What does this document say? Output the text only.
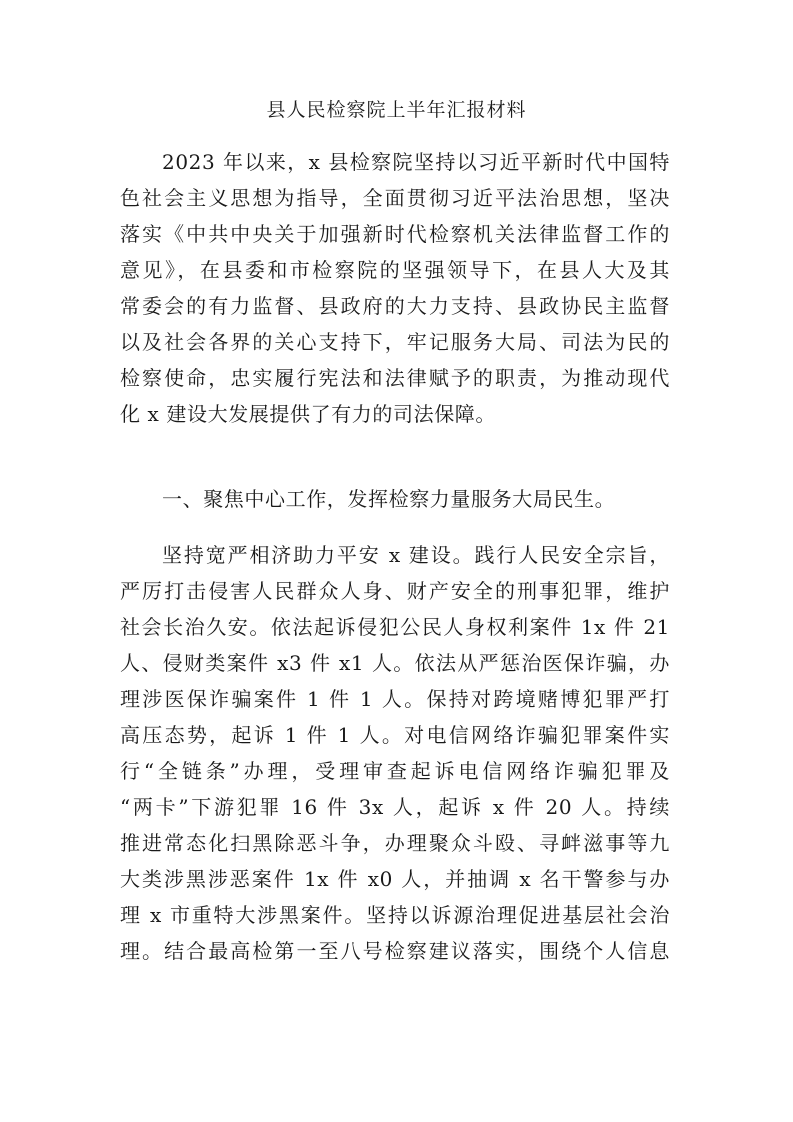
县人民检察院上半年汇报材料
2023 年以来，x 县检察院坚持以习近平新时代中国特
色社会主义思想为指导，全面贯彻习近平法治思想，坚决
落实《中共中央关于加强新时代检察机关法律监督工作的
意见》，在县委和市检察院的坚强领导下，在县人大及其
常委会的有力监督、县政府的大力支持、县政协民主监督
以及社会各界的关心支持下，牢记服务大局、司法为民的
检察使命，忠实履行宪法和法律赋予的职责，为推动现代
化 x 建设大发展提供了有力的司法保障。
一、聚焦中心工作，发挥检察力量服务大局民生。
坚持宽严相济助力平安 x 建设。践行人民安全宗旨，
严厉打击侵害人民群众人身、财产安全的刑事犯罪，维护
社会长治久安。依法起诉侵犯公民人身权利案件 1x 件 21
人、侵财类案件 x3 件 x1 人。依法从严惩治医保诈骗，办
理涉医保诈骗案件 1 件 1 人。保持对跨境赌博犯罪严打
高压态势，起诉 1 件 1 人。对电信网络诈骗犯罪案件实
行“全链条”办理，受理审查起诉电信网络诈骗犯罪及
“两卡”下游犯罪 16 件 3x 人，起诉 x 件 20 人。持续
推进常态化扫黑除恶斗争，办理聚众斗殴、寻衅滋事等九
大类涉黑涉恶案件 1x 件 x0 人，并抽调 x 名干警参与办
理 x 市重特大涉黑案件。坚持以诉源治理促进基层社会治
理。结合最高检第一至八号检察建议落实，围绕个人信息
